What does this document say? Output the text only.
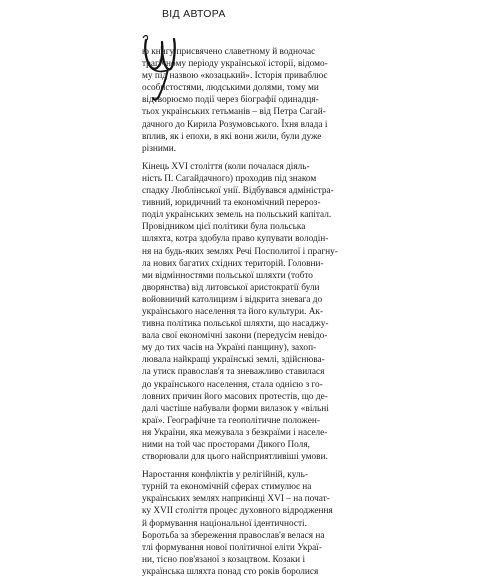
ВІД АВТОРА

ю книгу присвячено славетному й водночас
трагічному періоду української історії, відомо-
му під назвою «козацький». Історія приваблює
особистостями, людськими долями, тому ми
відтворюємо події через біографії одинадця-
тьох українських гетьманів – від Петра Сагай-
дачного до Кирила Розумовського. Їхня влада і
вплив, як і епохи, в які вони жили, були дуже
різними.

Кінець XVI століття (коли почалася діяль-
ність П. Сагайдачного) проходив під знаком
спадку Люблінської унії. Відбувався адміністра-
тивний, юридичний та економічний перероз-
поділ українських земель на польський капітал.
Провідником цієї політики була польська
шляхта, котра здобула право купувати володін-
ня на будь-яких землях Речі Посполитої і прагну-
ла нових багатих східних територій. Головни-
ми відмінностями польської шляхти (тобто
дворянства) від литовської аристократії були
войовничий католицизм і відкрита зневага до
українського населення та його культури. Ак-
тивна політика польської шляхти, що насаджу-
вала свої економічні закони (передусім невідо-
му до тих часів на Україні панщину), захоп-
лювала найкращі українські землі, здійснюва-
ла утиск православ'я та зневажливо ставилася
до українського населення, стала однією з го-
ловних причин його масових протестів, що де-
далі частіше набували форми вилазок у «вільні
краї». Географічне та геополітичне положен-
ня України, яка межувала з безкраїми і населе-
ними на той час просторами Дикого Поля,
створювали для цього найсприятливіші умови.

Наростання конфліктів у релігійній, куль-
турній та економічній сферах стимулює на
українських землях наприкінці XVI – на почат-
ку XVII століття процес духовного відродження
й формування національної ідентичності.
Боротьба за збереження православ'я велася на
тлі формування нової політичної еліти Украї-
ни, тісно пов'язаної з козацтвом. Козаки і
українська шляхта понад сто років боролися
